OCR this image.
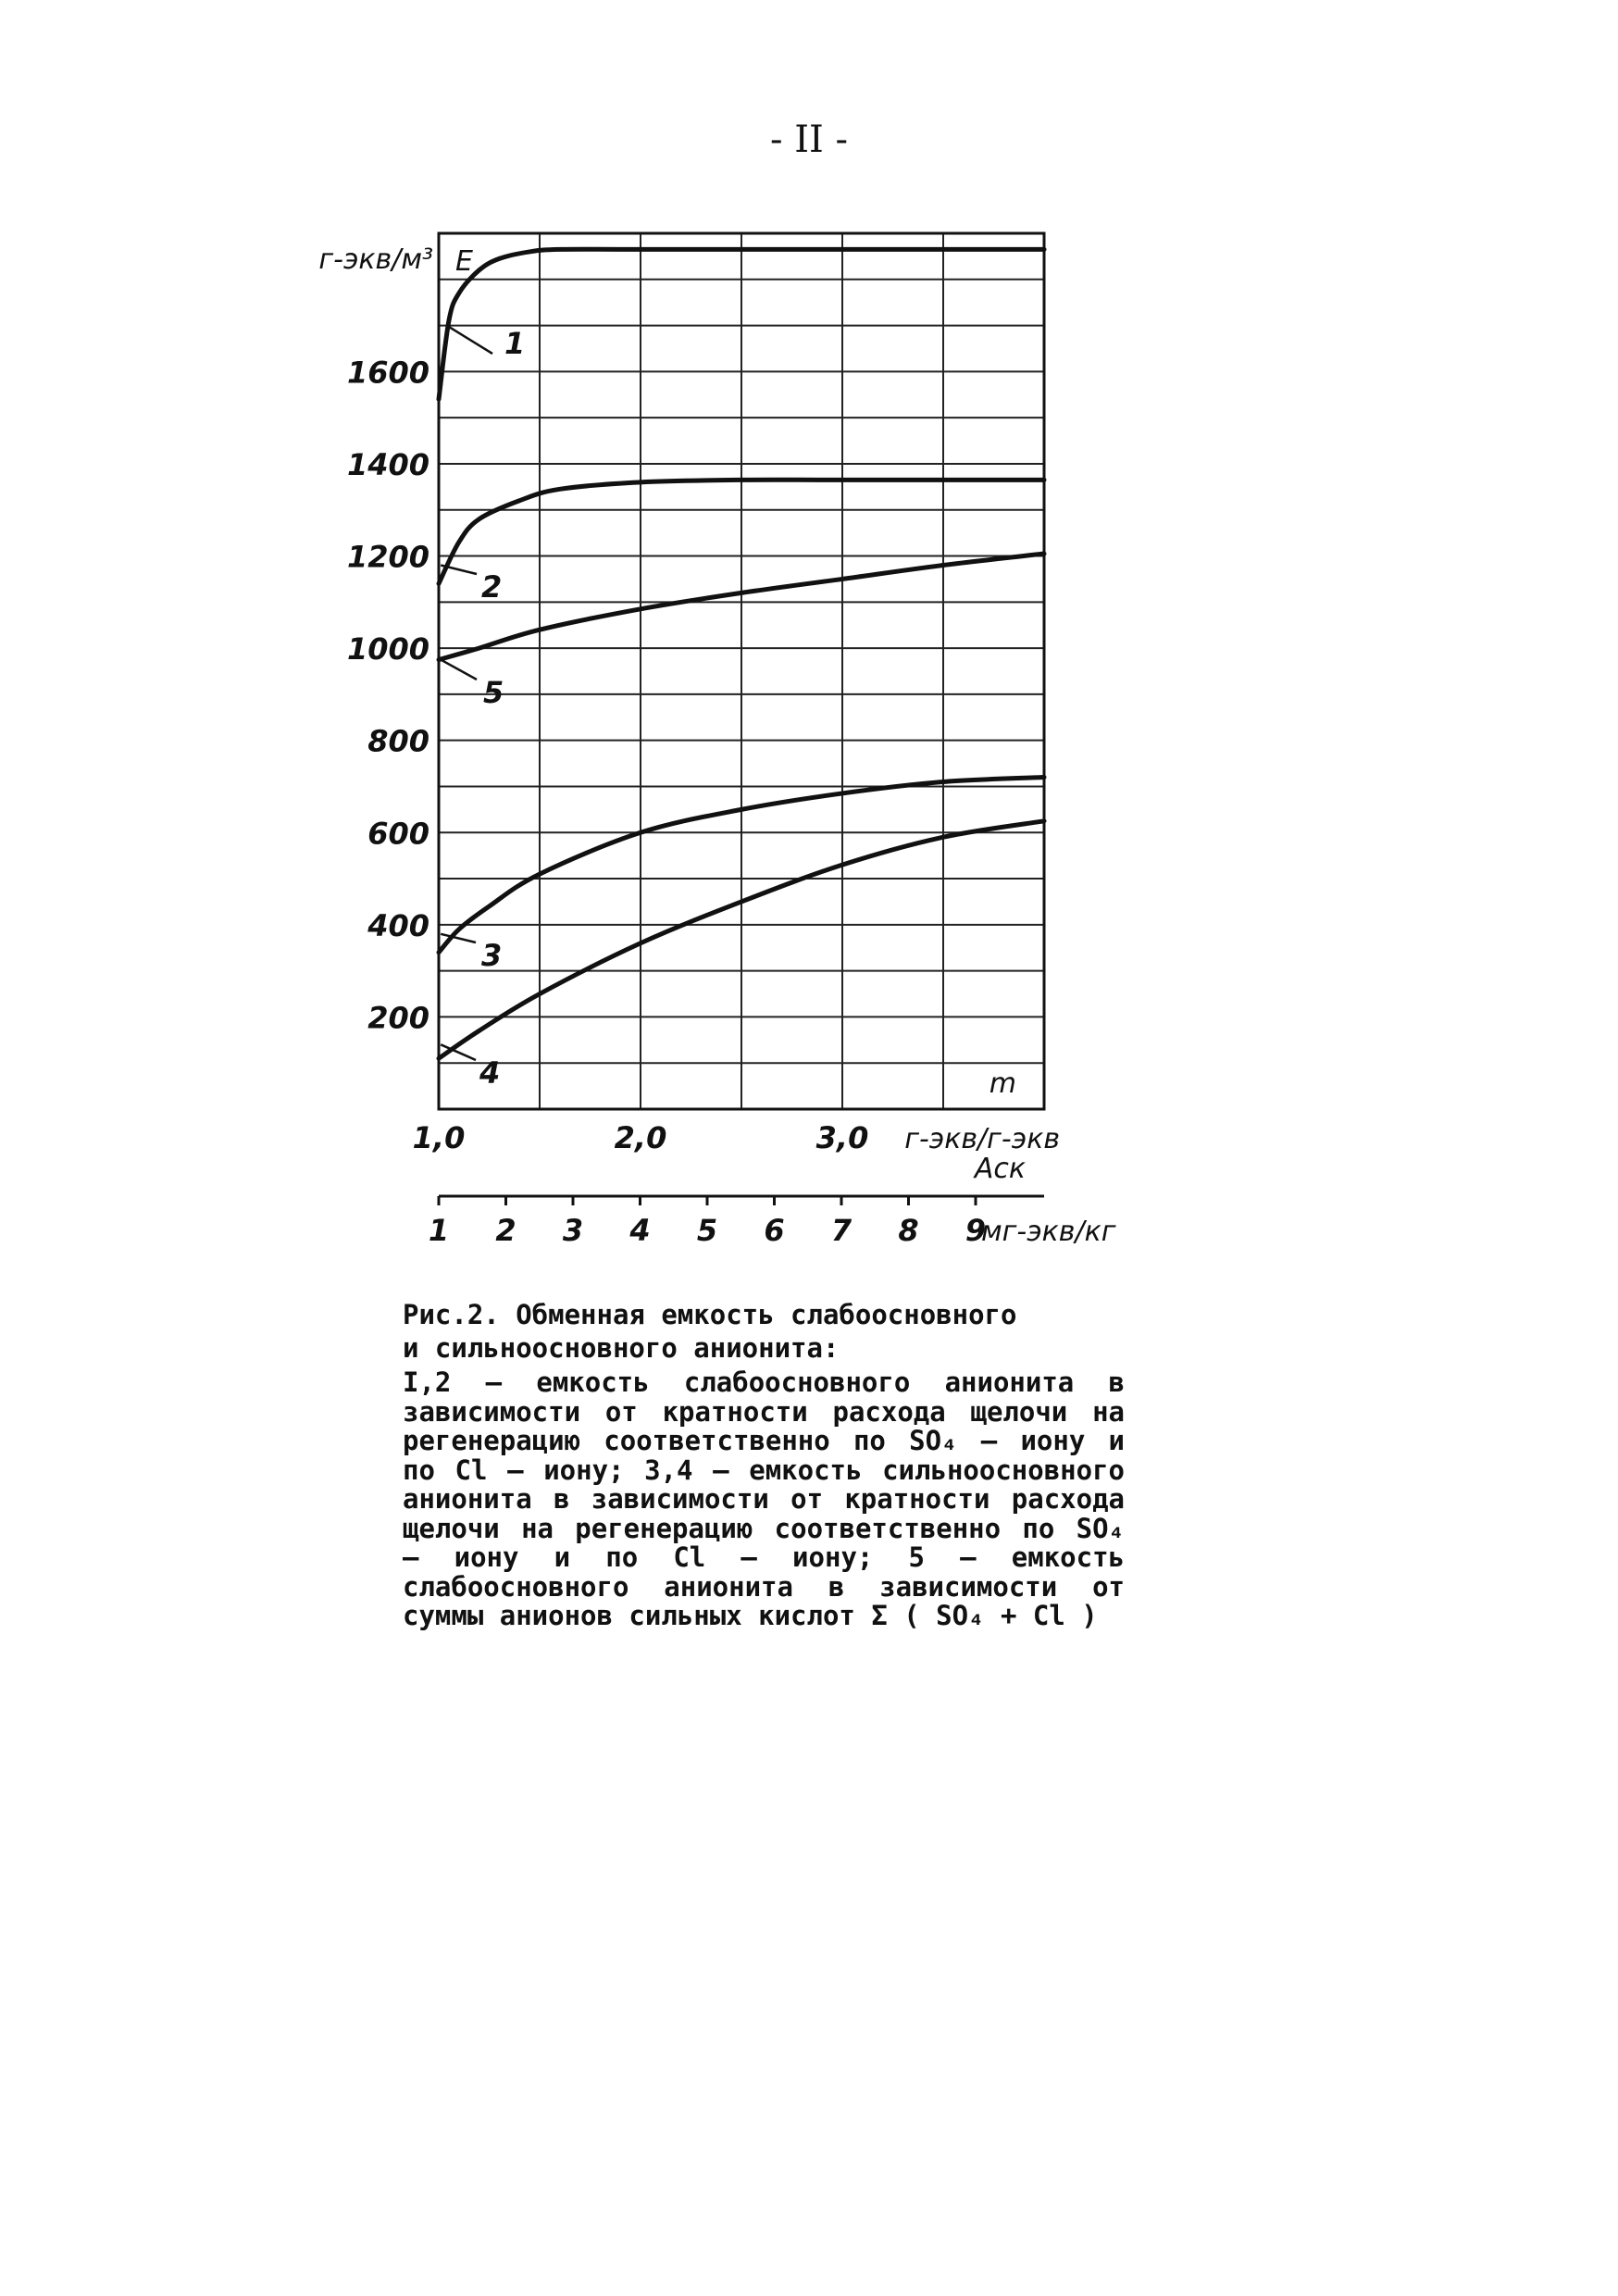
- II -
200
400
600
800
1000
1200
1400
1600
г-экв/м³ E
1,0	2,0	3,0
m
г-экв/г-экв
Аск
1 2 3 4 5 6 7 8 9
мг-экв/кг
1
2
3
4
5
Рис.2. Обменная емкость слабоосновного
и сильноосновного анионита:
I,2 – емкость слабоосновного анионита в зависимости от кратности расхода щелочи на регенерацию соответственно по SO₄ – иону и по Cl – иону; 3,4 – емкость сильноосновного анионита в зависимости от кратности расхода щелочи на регенерацию соответственно по SO₄ – иону и по Cl – иону; 5 – емкость слабоосновного анионита в зависимости от суммы анионов сильных кислот Σ ( SO₄ + Cl )
